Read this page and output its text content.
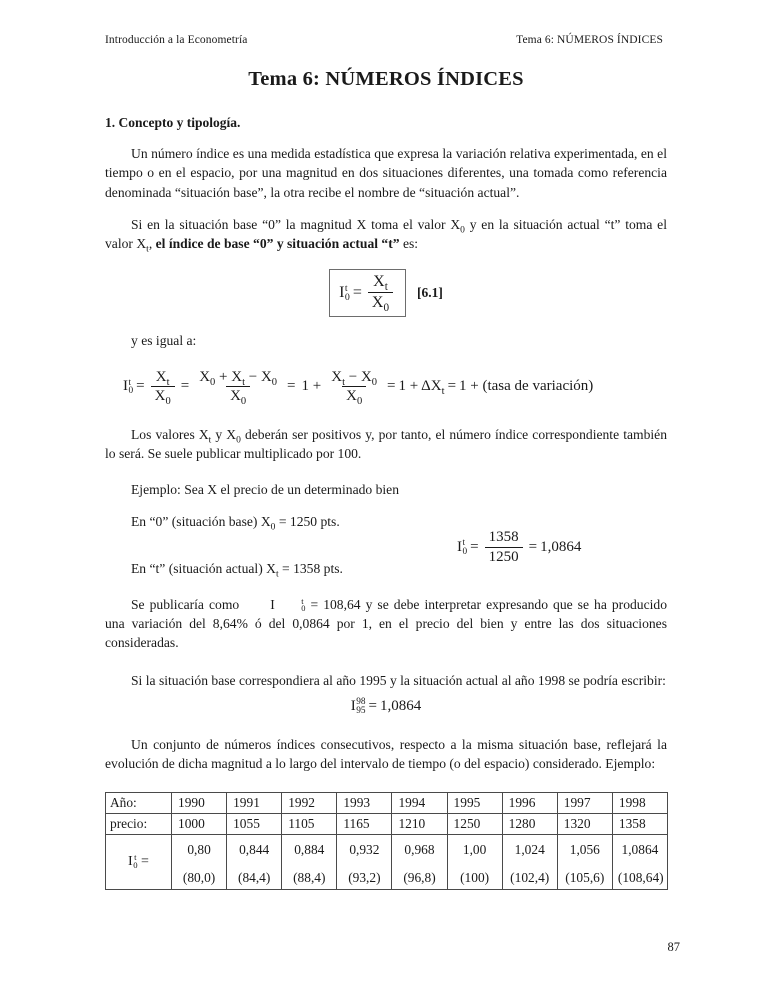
Introducción a la Econometría	Tema 6: NÚMEROS ÍNDICES
Tema 6: NÚMEROS ÍNDICES
1. Concepto y tipología.

Un número índice es una medida estadística que expresa la variación relativa experimentada, en el tiempo o en el espacio, por una magnitud en dos situaciones diferentes, una tomada como referencia denominada “situación base”, la otra recibe el nombre de “situación actual”.

Si en la situación base “0” la magnitud X toma el valor $X_0$ y en la situación actual “t” toma el valor $X_t$, el índice de base “0” y situación actual “t” es:

I t
$0 = \frac{X_t}{X_0} [6.1]$

y es igual a:

I t
$0 = \frac{X_t}{X_0} = \frac{X_0 + X_t - X_0}{X_0} = 1 + \frac{X_t - X_0}{X_0} = 1 + \Delta X_t = 1$ + (tasa de variación)

Los valores $X_t$ y $X_0$ deberán ser positivos y, por tanto, el número índice correspondiente también lo será. Se suele publicar multiplicado por 100.

Ejemplo: Sea X el precio de un determinado bien

En “0” (situación base) $X_0 = 1250$ pts.
En “t” (situación actual) $X_t = 1358$ pts.
I t
$0 = \frac{1358}{1250} = 1,0864$

Se publicaría como I	t
0 = 108,64 y se debe interpretar expresando que se ha producido una variación del 8,64% ó del 0,0864 por 1, en el precio del bien y entre las dos situaciones consideradas.

Si la situación base correspondiera al año 1995 y la situación actual al año 1998 se podría escribir:

I 98
95 = 1,0864

Un conjunto de números índices consecutivos, respecto a la misma situación base, reflejará la evolución de dicha magnitud a lo largo del intervalo de tiempo (o del espacio) considerado. Ejemplo:

Año:	1990	1991	1992	1993	1994	1995	1996	1997	1998
precio:	1000	1055	1105	1165	1210	1250	1280	1320	1358
I t
0 =	0,80	0,844	0,884	0,932	0,968	1,00	1,024	1,056	1,0864
	(80,0)	(84,4)	(88,4)	(93,2)	(96,8)	(100)	(102,4)	(105,6)	(108,64)
87
